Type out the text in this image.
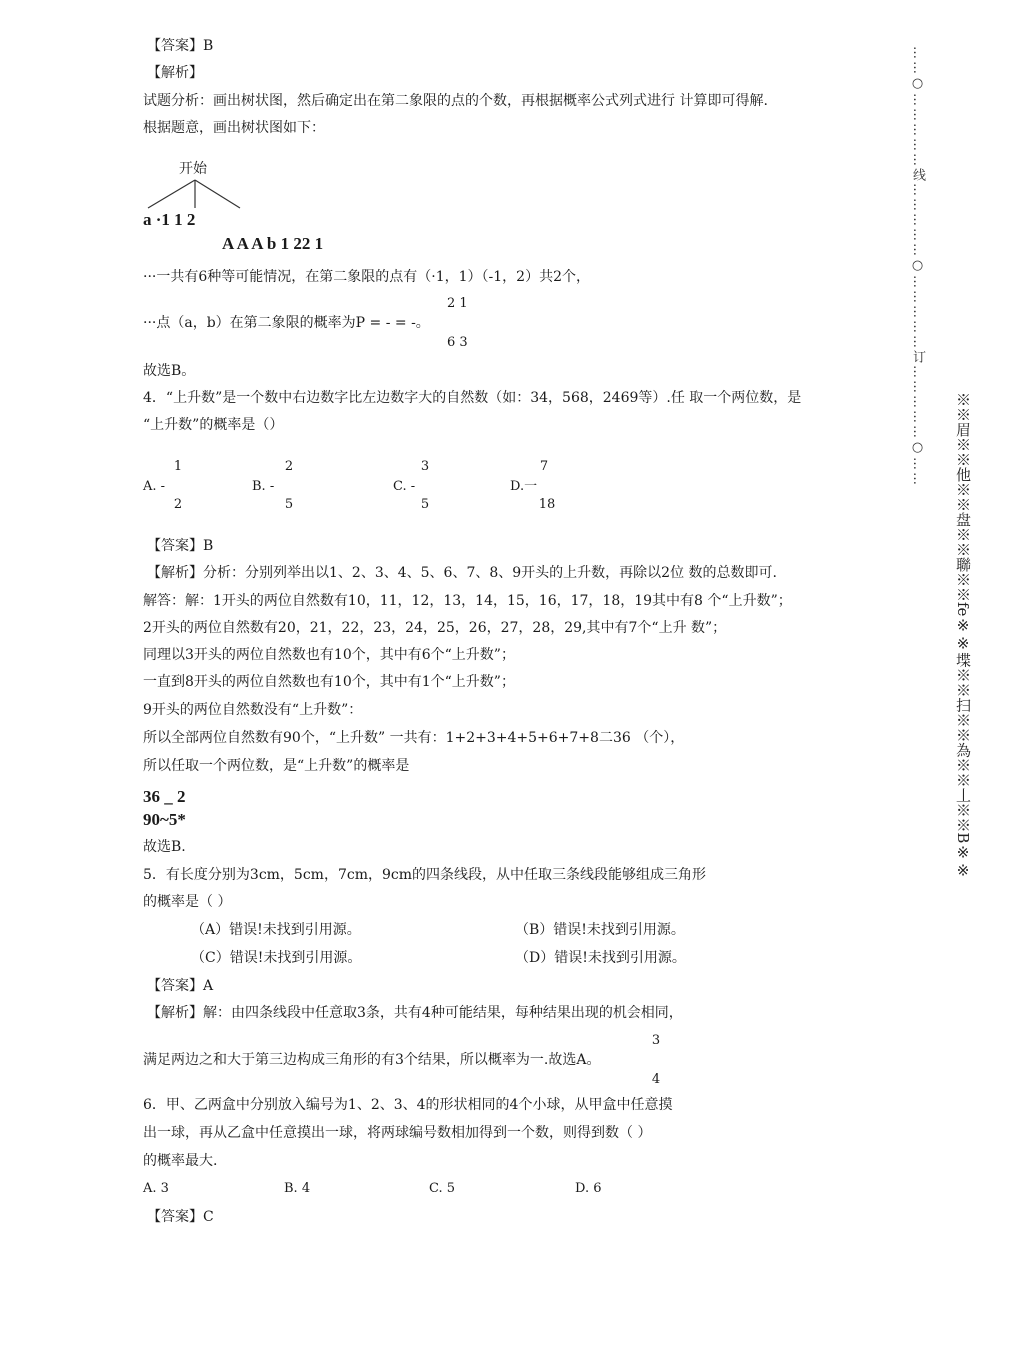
【答案】B
【解析】
试题分析：画出树状图，然后确定出在第二象限的点的个数，再根据概率公式列式进行 计算即可得解.
根据题意，画出树状图如下：
开始
a ·1 1 2
A A A b 1 22 1
···一共有6种等可能情况，在第二象限的点有（·1，1）（-1，2）共2个，
2 1
···点（a，b）在第二象限的概率为P = - = -。
6 3
故选B。
4．“上升数”是一个数中右边数字比左边数字大的自然数（如：34，568，2469等）.任 取一个两位数，是
“上升数”的概率是（）
1
A. -
2
2
B. -
5
3
C. -
5
7
D.一
18
【答案】B
【解析】分析：分别列举出以1、2、3、4、5、6、7、8、9开头的上升数，再除以2位 数的总数即可.
解答：解：1开头的两位自然数有10，11，12，13，14，15，16，17，18，19其中有8 个“上升数”；
2开头的两位自然数有20，21，22，23，24，25，26，27，28，29,其中有7个“上升 数”；
同理以3开头的两位自然数也有10个，其中有6个“上升数”；
一直到8开头的两位自然数也有10个，其中有1个“上升数”；
9开头的两位自然数没有“上升数”：
所以全部两位自然数有90个，“上升数” 一共有：1+2+3+4+5+6+7+8二36 （个），
所以任取一个两位数，是“上升数”的概率是
36 _ 2
90~5*
故选B.
5．有长度分别为3cm，5cm，7cm，9cm的四条线段，从中任取三条线段能够组成三角形
的概率是（ ）
（A）错误!未找到引用源。	（B）错误!未找到引用源。
（C）错误!未找到引用源。	（D）错误!未找到引用源。
【答案】A
【解析】解：由四条线段中任意取3条，共有4种可能结果，每种结果出现的机会相同，
3
满足两边之和大于第三边构成三角形的有3个结果，所以概率为一.故选A。
4
6．甲、乙两盒中分别放入编号为1、2、3、4的形状相同的4个小球，从甲盒中任意摸
出一球，再从乙盒中任意摸出一球，将两球编号数相加得到一个数，则得到数（ ）
的概率最大.
A. 3	B. 4	C. 5	D. 6
【答案】C
……○……………线……………○……………订……………○……
※※眉※※他※※盘※※聯※※fe※※堞※※扫※※為※※丄※※B※※
